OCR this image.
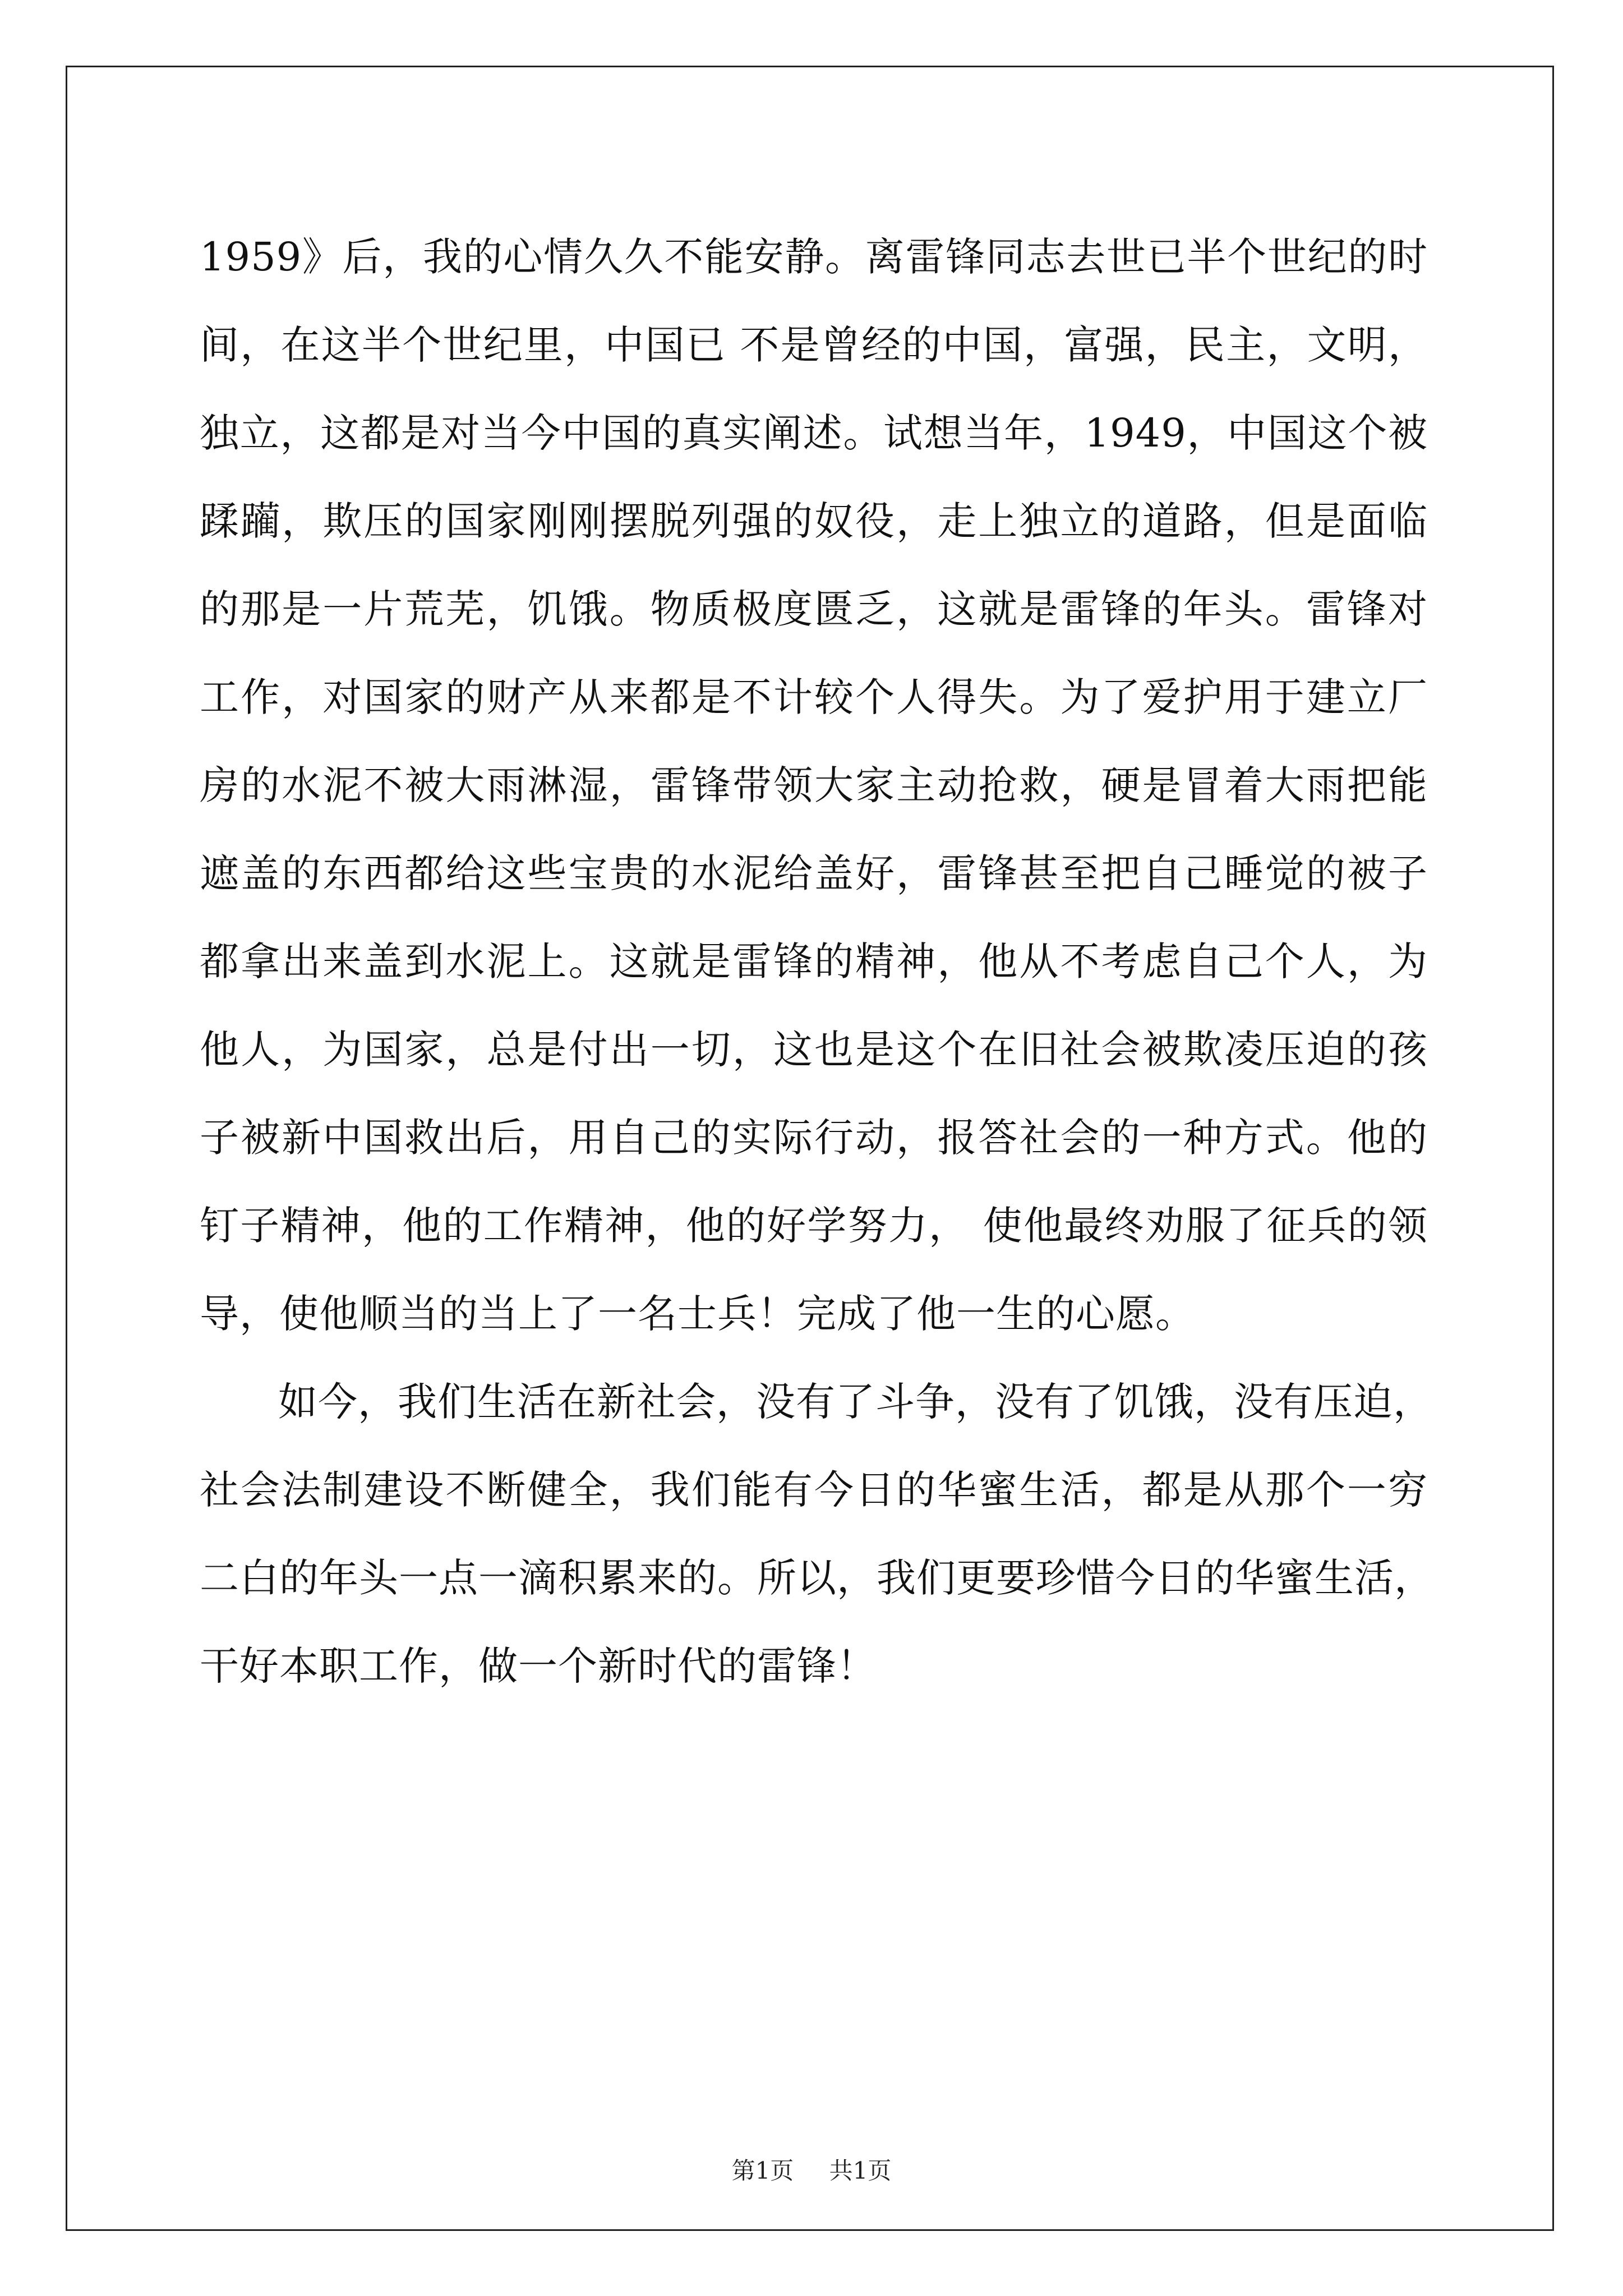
1959》后，我的心情久久不能安静。离雷锋同志去世已半个世纪的时
间，在这半个世纪里，中国已 不是曾经的中国，富强，民主，文明，
独立，这都是对当今中国的真实阐述。试想当年，1949，中国这个被
蹂躏，欺压的国家刚刚摆脱列强的奴役，走上独立的道路，但是面临
的那是一片荒芜，饥饿。物质极度匮乏，这就是雷锋的年头。雷锋对
工作，对国家的财产从来都是不计较个人得失。为了爱护用于建立厂
房的水泥不被大雨淋湿，雷锋带领大家主动抢救，硬是冒着大雨把能
遮盖的东西都给这些宝贵的水泥给盖好，雷锋甚至把自己睡觉的被子
都拿出来盖到水泥上。这就是雷锋的精神，他从不考虑自己个人，为
他人，为国家，总是付出一切，这也是这个在旧社会被欺凌压迫的孩
子被新中国救出后，用自己的实际行动，报答社会的一种方式。他的
钉子精神，他的工作精神，他的好学努力， 使他最终劝服了征兵的领
导，使他顺当的当上了一名士兵！完成了他一生的心愿。
如今，我们生活在新社会，没有了斗争，没有了饥饿，没有压迫，
社会法制建设不断健全，我们能有今日的华蜜生活，都是从那个一穷
二白的年头一点一滴积累来的。所以，我们更要珍惜今日的华蜜生活，
干好本职工作，做一个新时代的雷锋！
第1页 共1页
